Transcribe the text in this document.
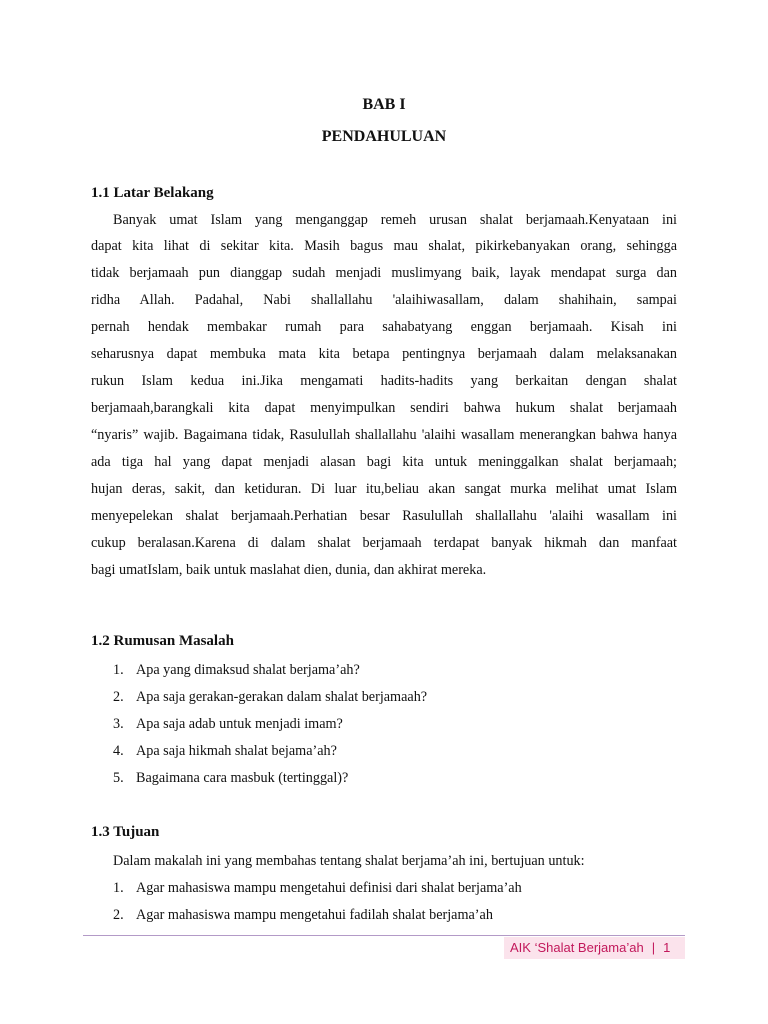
BAB I
PENDAHULUAN
1.1 Latar Belakang
Banyak umat Islam yang menganggap remeh urusan shalat berjamaah.Kenyataan ini
dapat kita lihat di sekitar kita. Masih bagus mau shalat, pikirkebanyakan orang, sehingga
tidak berjamaah pun dianggap sudah menjadi muslimyang baik, layak mendapat surga dan
ridha Allah. Padahal, Nabi shallallahu 'alaihiwasallam, dalam shahihain, sampai
pernah hendak membakar rumah para sahabatyang enggan berjamaah. Kisah ini
seharusnya dapat membuka mata kita betapa pentingnya berjamaah dalam melaksanakan
rukun Islam kedua ini.Jika mengamati hadits-hadits yang berkaitan dengan shalat
berjamaah,barangkali kita dapat menyimpulkan sendiri bahwa hukum shalat berjamaah
“nyaris” wajib. Bagaimana tidak, Rasulullah shallallahu 'alaihi wasallam menerangkan bahwa hanya
ada tiga hal yang dapat menjadi alasan bagi kita untuk meninggalkan shalat berjamaah;
hujan deras, sakit, dan ketiduran. Di luar itu,beliau akan sangat murka melihat umat Islam
menyepelekan shalat berjamaah.Perhatian besar Rasulullah shallallahu 'alaihi wasallam ini
cukup beralasan.Karena di dalam shalat berjamaah terdapat banyak hikmah dan manfaat
bagi umatIslam, baik untuk maslahat dien, dunia, dan akhirat mereka.
1.2 Rumusan Masalah
1. Apa yang dimaksud shalat berjama’ah?
2. Apa saja gerakan-gerakan dalam shalat berjamaah?
3. Apa saja adab untuk menjadi imam?
4. Apa saja hikmah shalat bejama’ah?
5. Bagaimana cara masbuk (tertinggal)?
1.3 Tujuan
Dalam makalah ini yang membahas tentang shalat berjama’ah ini, bertujuan untuk:
1. Agar mahasiswa mampu mengetahui definisi dari shalat berjama’ah
2. Agar mahasiswa mampu mengetahui fadilah shalat berjama’ah
AIK ‘Shalat Berjama’ah | 1
